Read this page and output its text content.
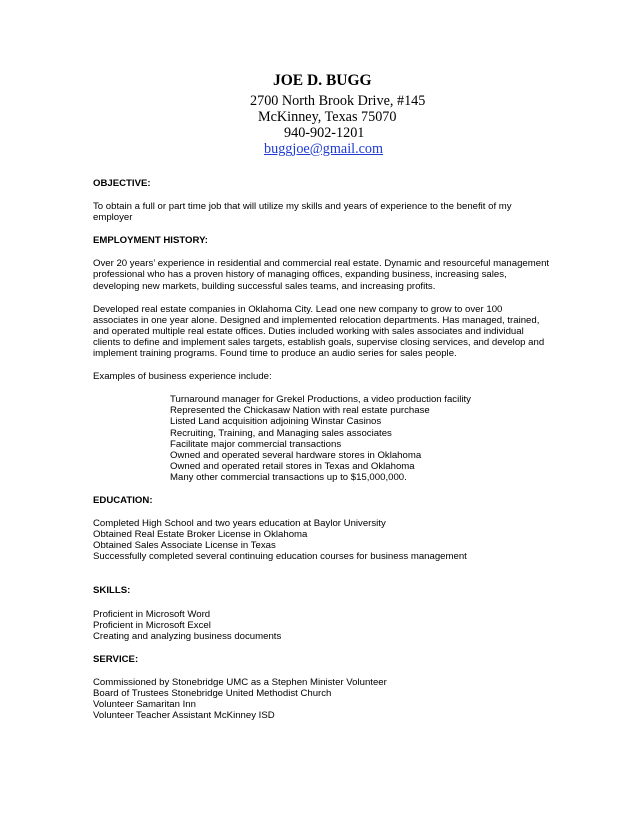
JOE D. BUGG
2700 North Brook Drive, #145
McKinney, Texas 75070
940-902-1201
buggjoe@gmail.com
OBJECTIVE:
To obtain a full or part time job that will utilize my skills and years of experience to the benefit of my
employer
EMPLOYMENT HISTORY:
Over 20 years’ experience in residential and commercial real estate. Dynamic and resourceful management
professional who has a proven history of managing offices, expanding business, increasing sales,
developing new markets, building successful sales teams, and increasing profits.
Developed real estate companies in Oklahoma City. Lead one new company to grow to over 100
associates in one year alone. Designed and implemented relocation departments. Has managed, trained,
and operated multiple real estate offices. Duties included working with sales associates and individual
clients to define and implement sales targets, establish goals, supervise closing services, and develop and
implement training programs. Found time to produce an audio series for sales people.
Examples of business experience include:
Turnaround manager for Grekel Productions, a video production facility
Represented the Chickasaw Nation with real estate purchase
Listed Land acquisition adjoining Winstar Casinos
Recruiting, Training, and Managing sales associates
Facilitate major commercial transactions
Owned and operated several hardware stores in Oklahoma
Owned and operated retail stores in Texas and Oklahoma
Many other commercial transactions up to $15,000,000.
EDUCATION:
Completed High School and two years education at Baylor University
Obtained Real Estate Broker License in Oklahoma
Obtained Sales Associate License in Texas
Successfully completed several continuing education courses for business management
SKILLS:
Proficient in Microsoft Word
Proficient in Microsoft Excel
Creating and analyzing business documents
SERVICE:
Commissioned by Stonebridge UMC as a Stephen Minister Volunteer
Board of Trustees Stonebridge United Methodist Church
Volunteer Samaritan Inn
Volunteer Teacher Assistant McKinney ISD
